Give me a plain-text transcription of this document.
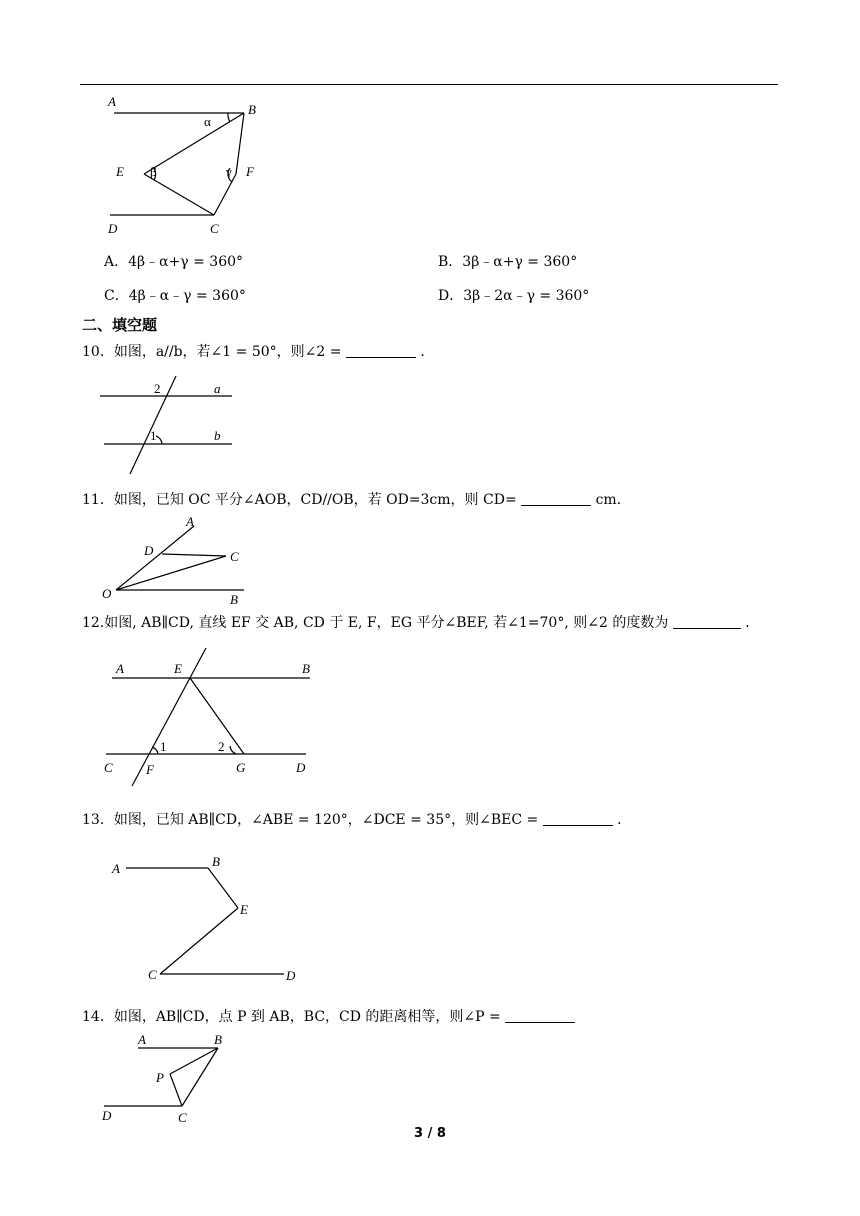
A
B
α
E β	γ F
D	C
A．4β﹣α+γ = 360°	B．3β﹣α+γ = 360°
C．4β﹣α﹣γ = 360°	D．3β﹣2α﹣γ = 360°
二、填空题
10．如图，a//b，若∠1 = 50°，则∠2 =	．
2	a
1	b
11．如图，已知 OC 平分∠AOB，CD//OB，若 OD=3cm，则 CD=	cm．
A
D	C
O	B
12.如图, AB∥CD, 直线 EF 交 AB, CD 于 E, F，EG 平分∠BEF, 若∠1=70°, 则∠2 的度数为	．
A	E	B
1	2
C	F	G	D
13．如图，已知 AB∥CD，∠ABE = 120°，∠DCE = 35°，则∠BEC =	．
A	B
E
C	D
14．如图，AB∥CD，点 P 到 AB，BC，CD 的距离相等，则∠P =
A	B
P
D	C
3 / 8
